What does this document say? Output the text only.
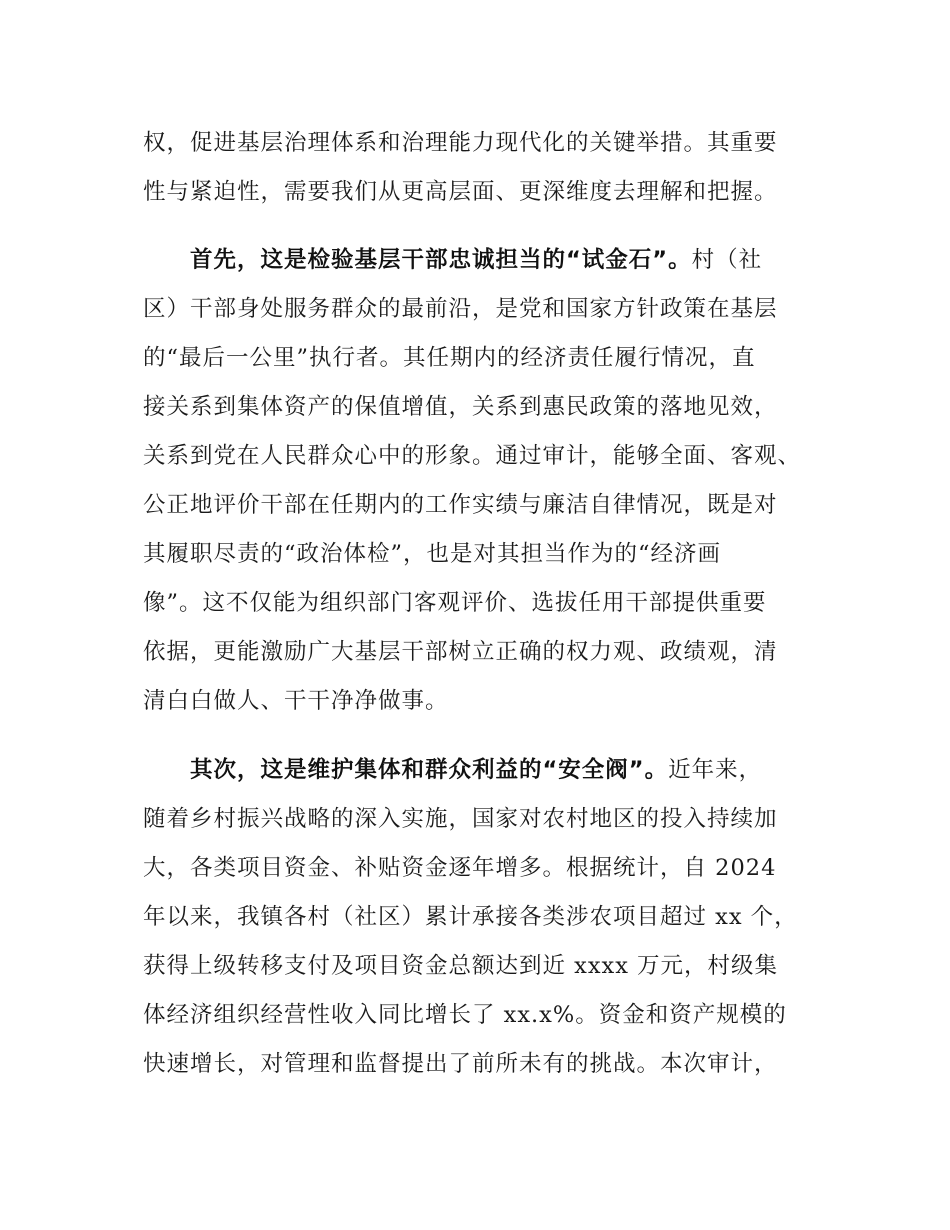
权，促进基层治理体系和治理能力现代化的关键举措。其重要
性与紧迫性，需要我们从更高层面、更深维度去理解和把握。
首先，这是检验基层干部忠诚担当的“试金石”。村（社
区）干部身处服务群众的最前沿，是党和国家方针政策在基层
的“最后一公里”执行者。其任期内的经济责任履行情况，直
接关系到集体资产的保值增值，关系到惠民政策的落地见效，
关系到党在人民群众心中的形象。通过审计，能够全面、客观、
公正地评价干部在任期内的工作实绩与廉洁自律情况，既是对
其履职尽责的“政治体检”，也是对其担当作为的“经济画
像”。这不仅能为组织部门客观评价、选拔任用干部提供重要
依据，更能激励广大基层干部树立正确的权力观、政绩观，清
清白白做人、干干净净做事。
其次，这是维护集体和群众利益的“安全阀”。近年来，
随着乡村振兴战略的深入实施，国家对农村地区的投入持续加
大，各类项目资金、补贴资金逐年增多。根据统计，自 2024
年以来，我镇各村（社区）累计承接各类涉农项目超过 xx 个，
获得上级转移支付及项目资金总额达到近 xxxx 万元，村级集
体经济组织经营性收入同比增长了 xx.x%。资金和资产规模的
快速增长，对管理和监督提出了前所未有的挑战。本次审计，
